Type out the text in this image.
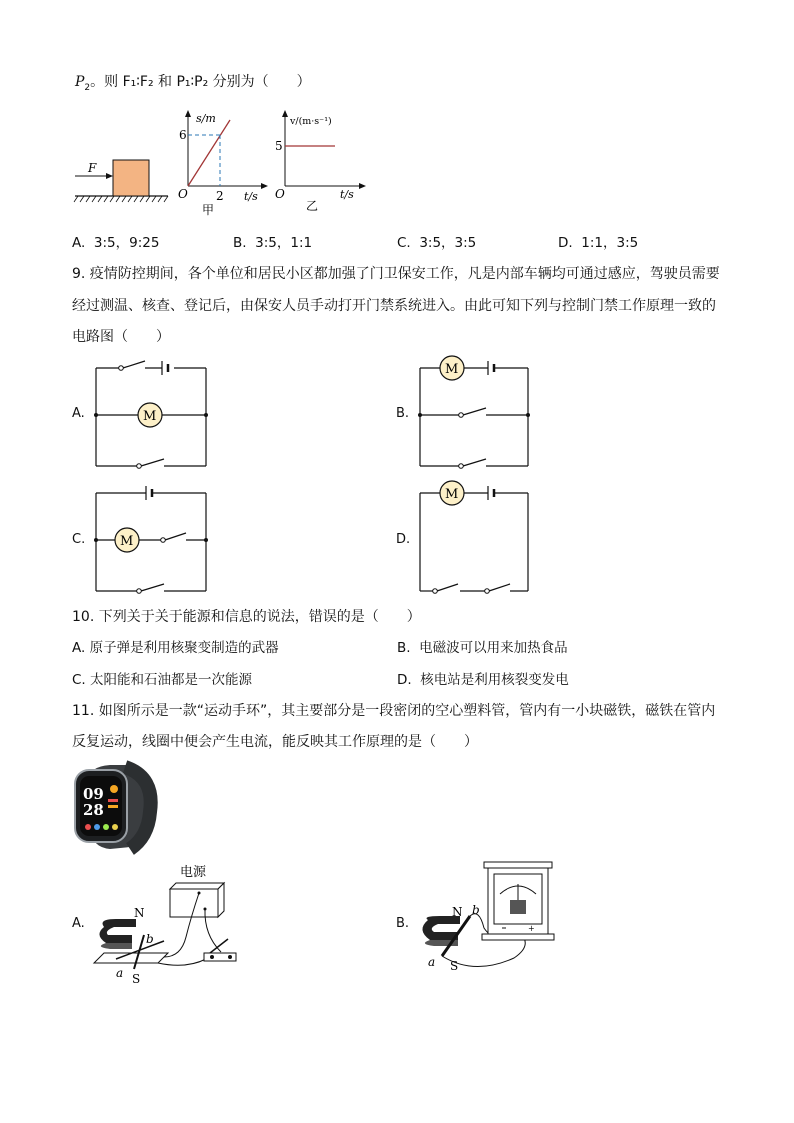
$P_2$。则 F₁∶F₂ 和 P₁∶P₂ 分别为（　　）
F
s/m
6
2
O	t/s
甲
v/(m·s⁻¹)
5
O	t/s
乙
A. 3:5，9:25	B. 3:5，1:1	C. 3:5，3:5	D. 1:1，3:5
9. 疫情防控期间，各个单位和居民小区都加强了门卫保安工作，凡是内部车辆均可通过感应，驾驶员需要
经过测温、核查、登记后，由保安人员手动打开门禁系统进入。由此可知下列与控制门禁工作原理一致的
电路图（　　）
A.	B.
C.	D.
M
M
M
M
10. 下列关于关于能源和信息的说法，错误的是（　　）
A. 原子弹是利用核聚变制造的武器	B. 电磁波可以用来加热食品
C. 太阳能和石油都是一次能源	D. 核电站是利用核裂变发电
11. 如图所示是一款“运动手环”，其主要部分是一段密闭的空心塑料管，管内有一小块磁铁，磁铁在管内
反复运动，线圈中便会产生电流，能反映其工作原理的是（　　）
09
28
A.
电源
N
S
b
a
B.
N
S
b
a
+
